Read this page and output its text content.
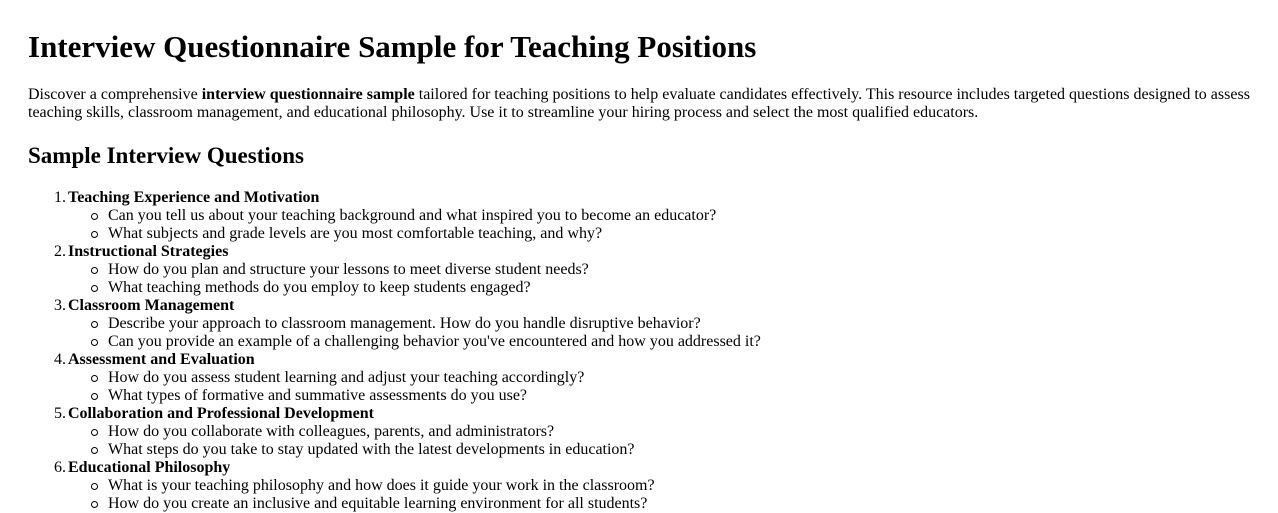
Interview Questionnaire Sample for Teaching Positions

Discover a comprehensive interview questionnaire sample tailored for teaching positions to help evaluate candidates effectively. This resource includes targeted questions designed to assess teaching skills, classroom management, and educational philosophy. Use it to streamline your hiring process and select the most qualified educators.

Sample Interview Questions
1. Teaching Experience and Motivation
Can you tell us about your teaching background and what inspired you to become an educator?
What subjects and grade levels are you most comfortable teaching, and why?
2. Instructional Strategies
How do you plan and structure your lessons to meet diverse student needs?
What teaching methods do you employ to keep students engaged?
3. Classroom Management
Describe your approach to classroom management. How do you handle disruptive behavior?
Can you provide an example of a challenging behavior you've encountered and how you addressed it?
4. Assessment and Evaluation
How do you assess student learning and adjust your teaching accordingly?
What types of formative and summative assessments do you use?
5. Collaboration and Professional Development
How do you collaborate with colleagues, parents, and administrators?
What steps do you take to stay updated with the latest developments in education?
6. Educational Philosophy
What is your teaching philosophy and how does it guide your work in the classroom?
How do you create an inclusive and equitable learning environment for all students?
